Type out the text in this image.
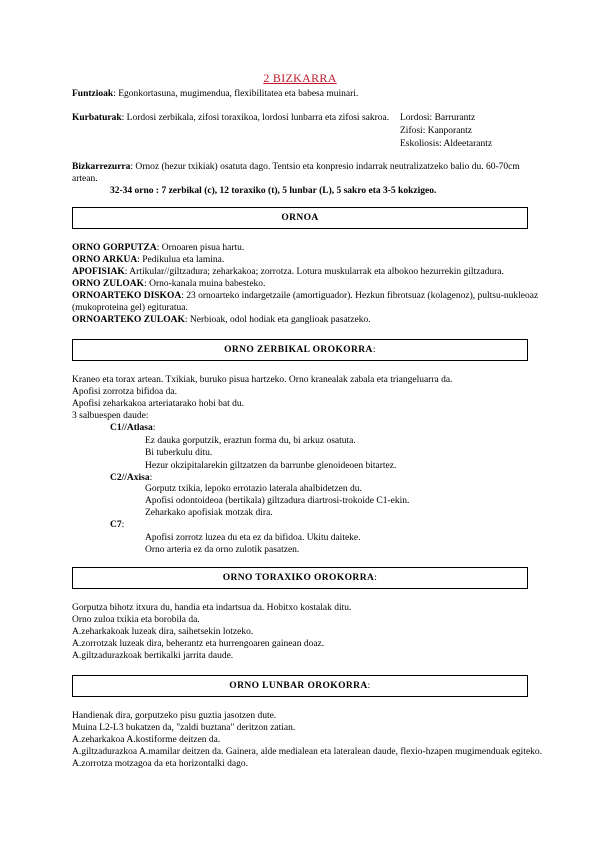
2 BIZKARRA
Funtzioak: Egonkortasuna, mugimendua, flexibilitatea eta babesa muinari.
Kurbaturak: Lordosi zerbikala, zifosi toraxikoa, lordosi lunbarra eta zifosi sakroa. Lordosi: Barrurantz
Zifosi: Kanporantz
Eskoliosis: Aldeetarantz
Bizkarrezurra: Ornoz (hezur txikiak) osatuta dago. Tentsio eta konpresio indarrak neutralizatzeko balio du. 60-70cm
artean.
32-34 orno : 7 zerbikal (c), 12 toraxiko (t), 5 lunbar (L), 5 sakro eta 3-5 kokzigeo.
ORNOA
ORNO GORPUTZA: Ornoaren pisua hartu.
ORNO ARKUA: Pedikulua eta lamina.
APOFISIAK: Artikular//giltzadura; zeharkakoa; zorrotza. Lotura muskularrak eta albokoo hezurrekin giltzadura.
ORNO ZULOAK: Orno-kanala muina babesteko.
ORNOARTEKO DISKOA: 23 ornoarteko indargetzaile (amortiguador). Hezkun fibrotsuaz (kolagenoz), pultsu-nukleoaz
(mukoproteina gel) egituratua.
ORNOARTEKO ZULOAK: Nerbioak, odol hodiak eta ganglioak pasatzeko.
ORNO ZERBIKAL OROKORRA:
Kraneo eta torax artean. Txikiak, buruko pisua hartzeko. Orno kranealak zabala eta triangeluarra da.
Apofisi zorrotza bifidoa da.
Apofisi zeharkakoa arteriatarako hobi bat du.
3 salbuespen daude:
C1//Atlasa:
Ez dauka gorputzik, eraztun forma du, bi arkuz osatuta.
Bi tuberkulu ditu.
Hezur okzipitalarekin giltzatzen da barrunbe glenoideoen bitartez.
C2//Axisa:
Gorputz txikia, lepoko errotazio laterala ahalbidetzen du.
Apofisi odontoideoa (bertikala) giltzadura diartrosi-trokoide C1-ekin.
Zeharkako apofisiak motzak dira.
C7:
Apofisi zorrotz luzea du eta ez da bifidoa. Ukitu daiteke.
Orno arteria ez da orno zulotik pasatzen.
ORNO TORAXIKO OROKORRA:
Gorputza bihotz itxura du, handia eta indartsua da. Hobitxo kostalak ditu.
Orno zuloa txikia eta borobila da.
A.zeharkakoak luzeak dira, saihetsekin lotzeko.
A.zorrotzak luzeak dira, beherantz eta hurrengoaren gainean doaz.
A.giltzadurazkoak bertikalki jarrita daude.
ORNO LUNBAR OROKORRA:
Handienak dira, gorputzeko pisu guztia jasotzen dute.
Muina L2-L3 bukatzen da, "zaldi buztana" deritzon zatian.
A.zeharkakoa A.kostiforme deitzen da.
A.giltzadurazkoa A.mamilar deitzen da. Gainera, alde medialean eta lateralean daude, flexio-hzapen mugimenduak egiteko.
A.zorrotza motzagoa da eta horizontalki dago.
